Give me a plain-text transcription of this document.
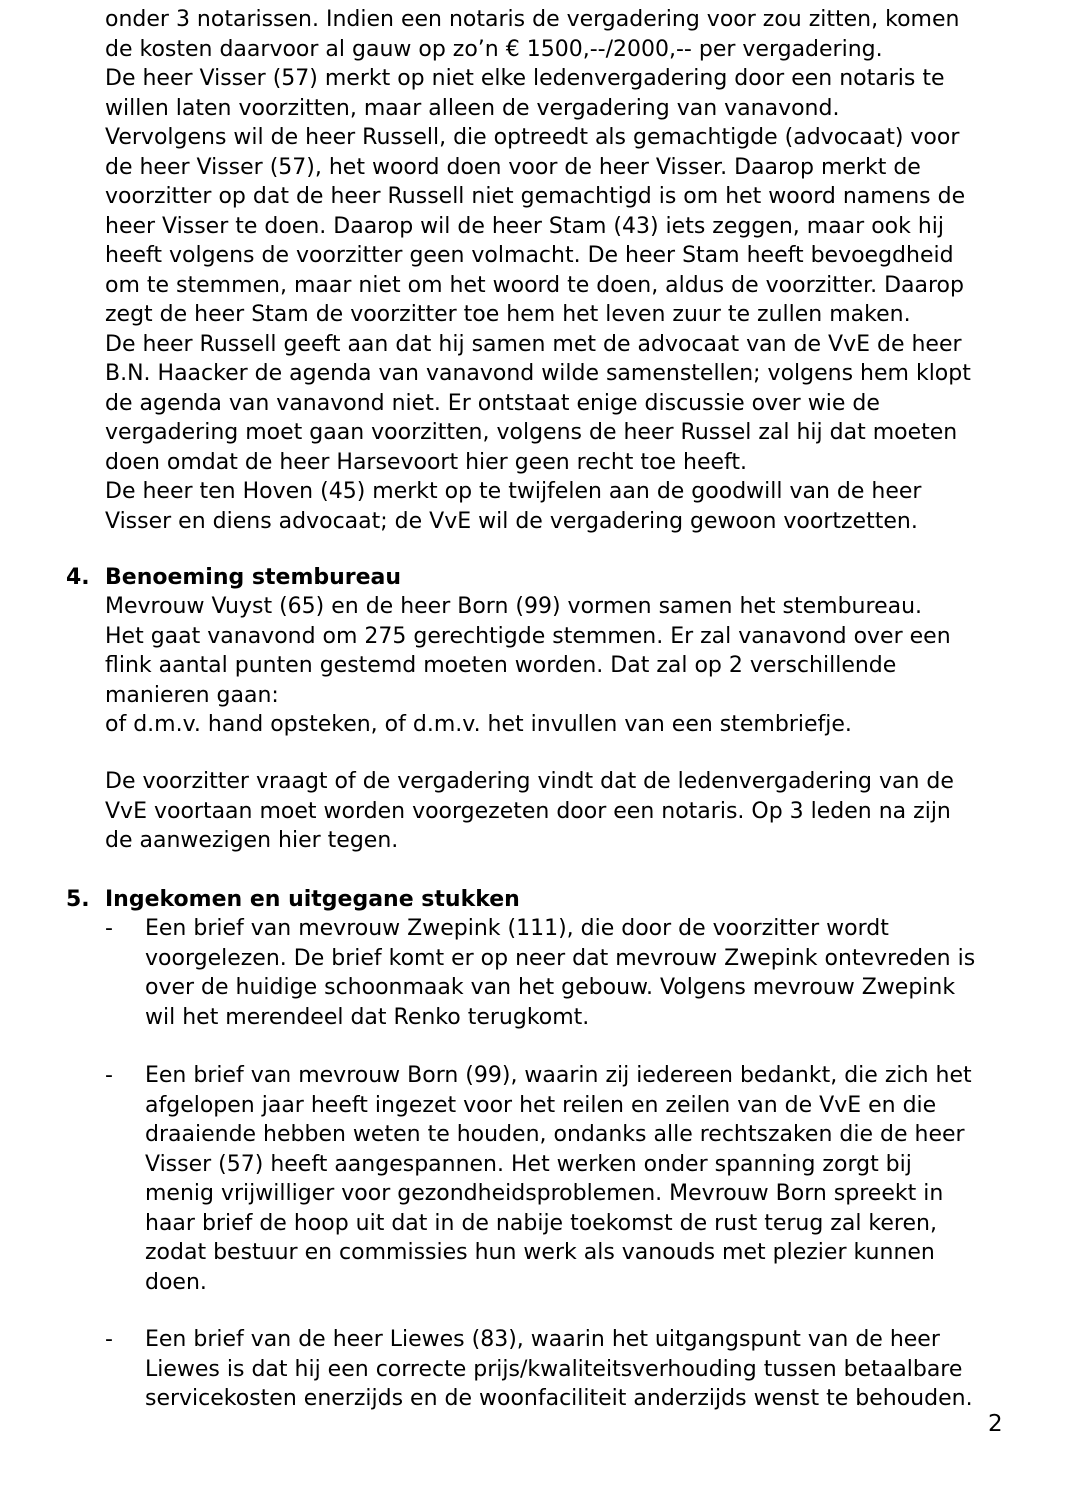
onder 3 notarissen. Indien een notaris de vergadering voor zou zitten, komen
de kosten daarvoor al gauw op zo’n € 1500,--/2000,-- per vergadering.
De heer Visser (57) merkt op niet elke ledenvergadering door een notaris te
willen laten voorzitten, maar alleen de vergadering van vanavond.
Vervolgens wil de heer Russell, die optreedt als gemachtigde (advocaat) voor
de heer Visser (57), het woord doen voor de heer Visser. Daarop merkt de
voorzitter op dat de heer Russell niet gemachtigd is om het woord namens de
heer Visser te doen. Daarop wil de heer Stam (43) iets zeggen, maar ook hij
heeft volgens de voorzitter geen volmacht. De heer Stam heeft bevoegdheid
om te stemmen, maar niet om het woord te doen, aldus de voorzitter. Daarop
zegt de heer Stam de voorzitter toe hem het leven zuur te zullen maken.
De heer Russell geeft aan dat hij samen met de advocaat van de VvE de heer
B.N. Haacker de agenda van vanavond wilde samenstellen; volgens hem klopt
de agenda van vanavond niet. Er ontstaat enige discussie over wie de
vergadering moet gaan voorzitten, volgens de heer Russel zal hij dat moeten
doen omdat de heer Harsevoort hier geen recht toe heeft.
De heer ten Hoven (45) merkt op te twijfelen aan de goodwill van de heer
Visser en diens advocaat; de VvE wil de vergadering gewoon voortzetten.
4. Benoeming stembureau
Mevrouw Vuyst (65) en de heer Born (99) vormen samen het stembureau.
Het gaat vanavond om 275 gerechtigde stemmen. Er zal vanavond over een
flink aantal punten gestemd moeten worden. Dat zal op 2 verschillende
manieren gaan:
of d.m.v. hand opsteken, of d.m.v. het invullen van een stembriefje.
De voorzitter vraagt of de vergadering vindt dat de ledenvergadering van de
VvE voortaan moet worden voorgezeten door een notaris. Op 3 leden na zijn
de aanwezigen hier tegen.
5. Ingekomen en uitgegane stukken
-	Een brief van mevrouw Zwepink (111), die door de voorzitter wordt
voorgelezen. De brief komt er op neer dat mevrouw Zwepink ontevreden is
over de huidige schoonmaak van het gebouw. Volgens mevrouw Zwepink
wil het merendeel dat Renko terugkomt.
-	Een brief van mevrouw Born (99), waarin zij iedereen bedankt, die zich het
afgelopen jaar heeft ingezet voor het reilen en zeilen van de VvE en die
draaiende hebben weten te houden, ondanks alle rechtszaken die de heer
Visser (57) heeft aangespannen. Het werken onder spanning zorgt bij
menig vrijwilliger voor gezondheidsproblemen. Mevrouw Born spreekt in
haar brief de hoop uit dat in de nabije toekomst de rust terug zal keren,
zodat bestuur en commissies hun werk als vanouds met plezier kunnen
doen.
-	Een brief van de heer Liewes (83), waarin het uitgangspunt van de heer
Liewes is dat hij een correcte prijs/kwaliteitsverhouding tussen betaalbare
servicekosten enerzijds en de woonfaciliteit anderzijds wenst te behouden.
2
